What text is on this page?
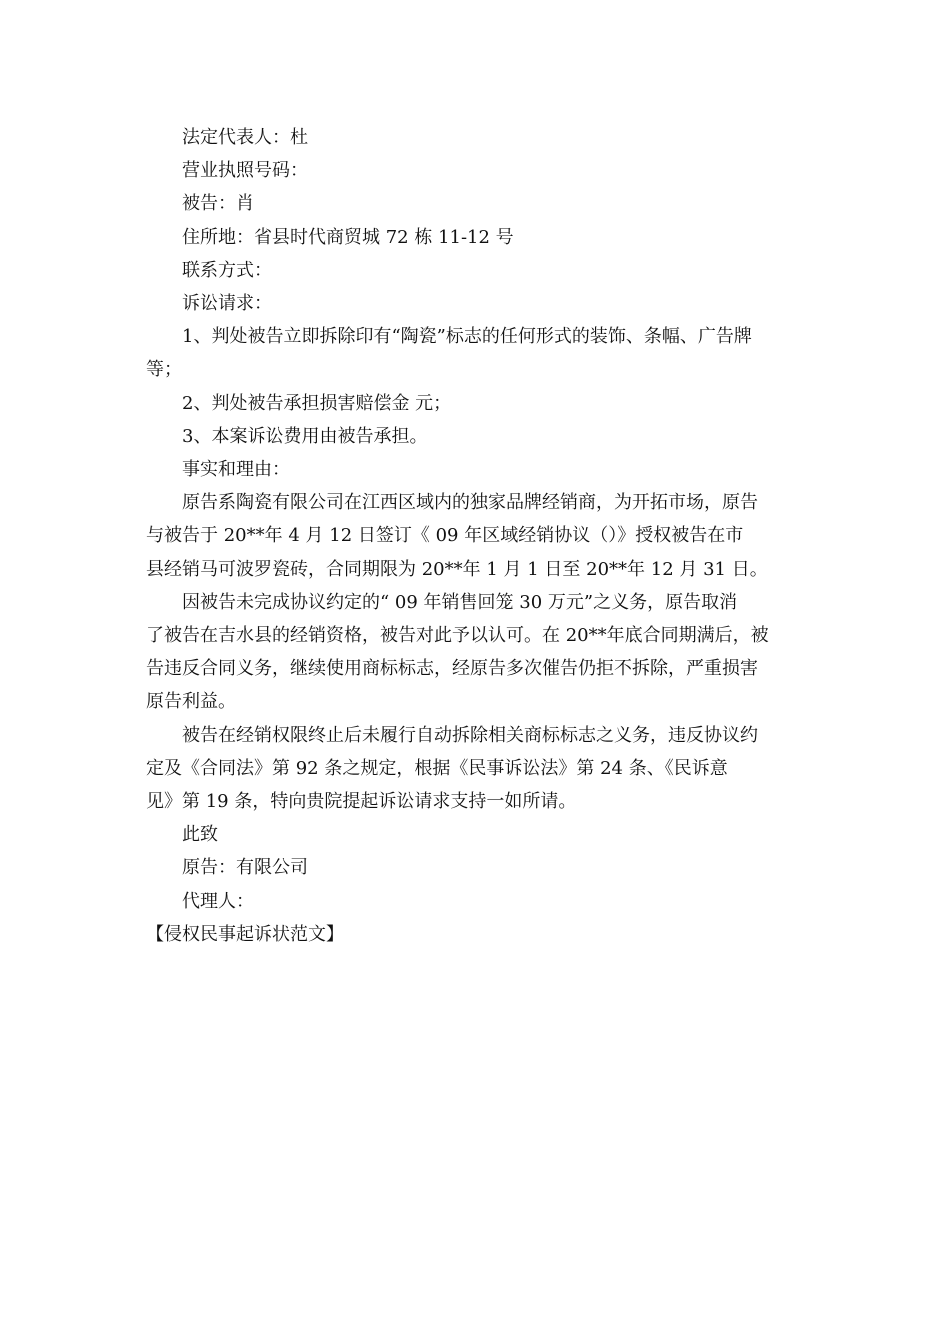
法定代表人：杜

营业执照号码：

被告：肖

住所地：省县时代商贸城 72 栋 11-12 号

联系方式：

诉讼请求：

1、判处被告立即拆除印有“陶瓷”标志的任何形式的装饰、条幅、广告牌

等；

2、判处被告承担损害赔偿金 元；

3、本案诉讼费用由被告承担。

事实和理由：

原告系陶瓷有限公司在江西区域内的独家品牌经销商，为开拓市场，原告

与被告于 20**年 4 月 12 日签订《 09 年区域经销协议（）》授权被告在市

县经销马可波罗瓷砖，合同期限为 20**年 1 月 1 日至 20**年 12 月 31 日。

因被告未完成协议约定的“ 09 年销售回笼 30 万元”之义务，原告取消

了被告在吉水县的经销资格，被告对此予以认可。在 20**年底合同期满后，被

告违反合同义务，继续使用商标标志，经原告多次催告仍拒不拆除，严重损害

原告利益。

被告在经销权限终止后未履行自动拆除相关商标标志之义务，违反协议约

定及《合同法》第 92 条之规定，根据《民事诉讼法》第 24 条、《民诉意

见》第 19 条，特向贵院提起诉讼请求支持一如所请。

此致

原告：有限公司

代理人：

【侵权民事起诉状范文】
